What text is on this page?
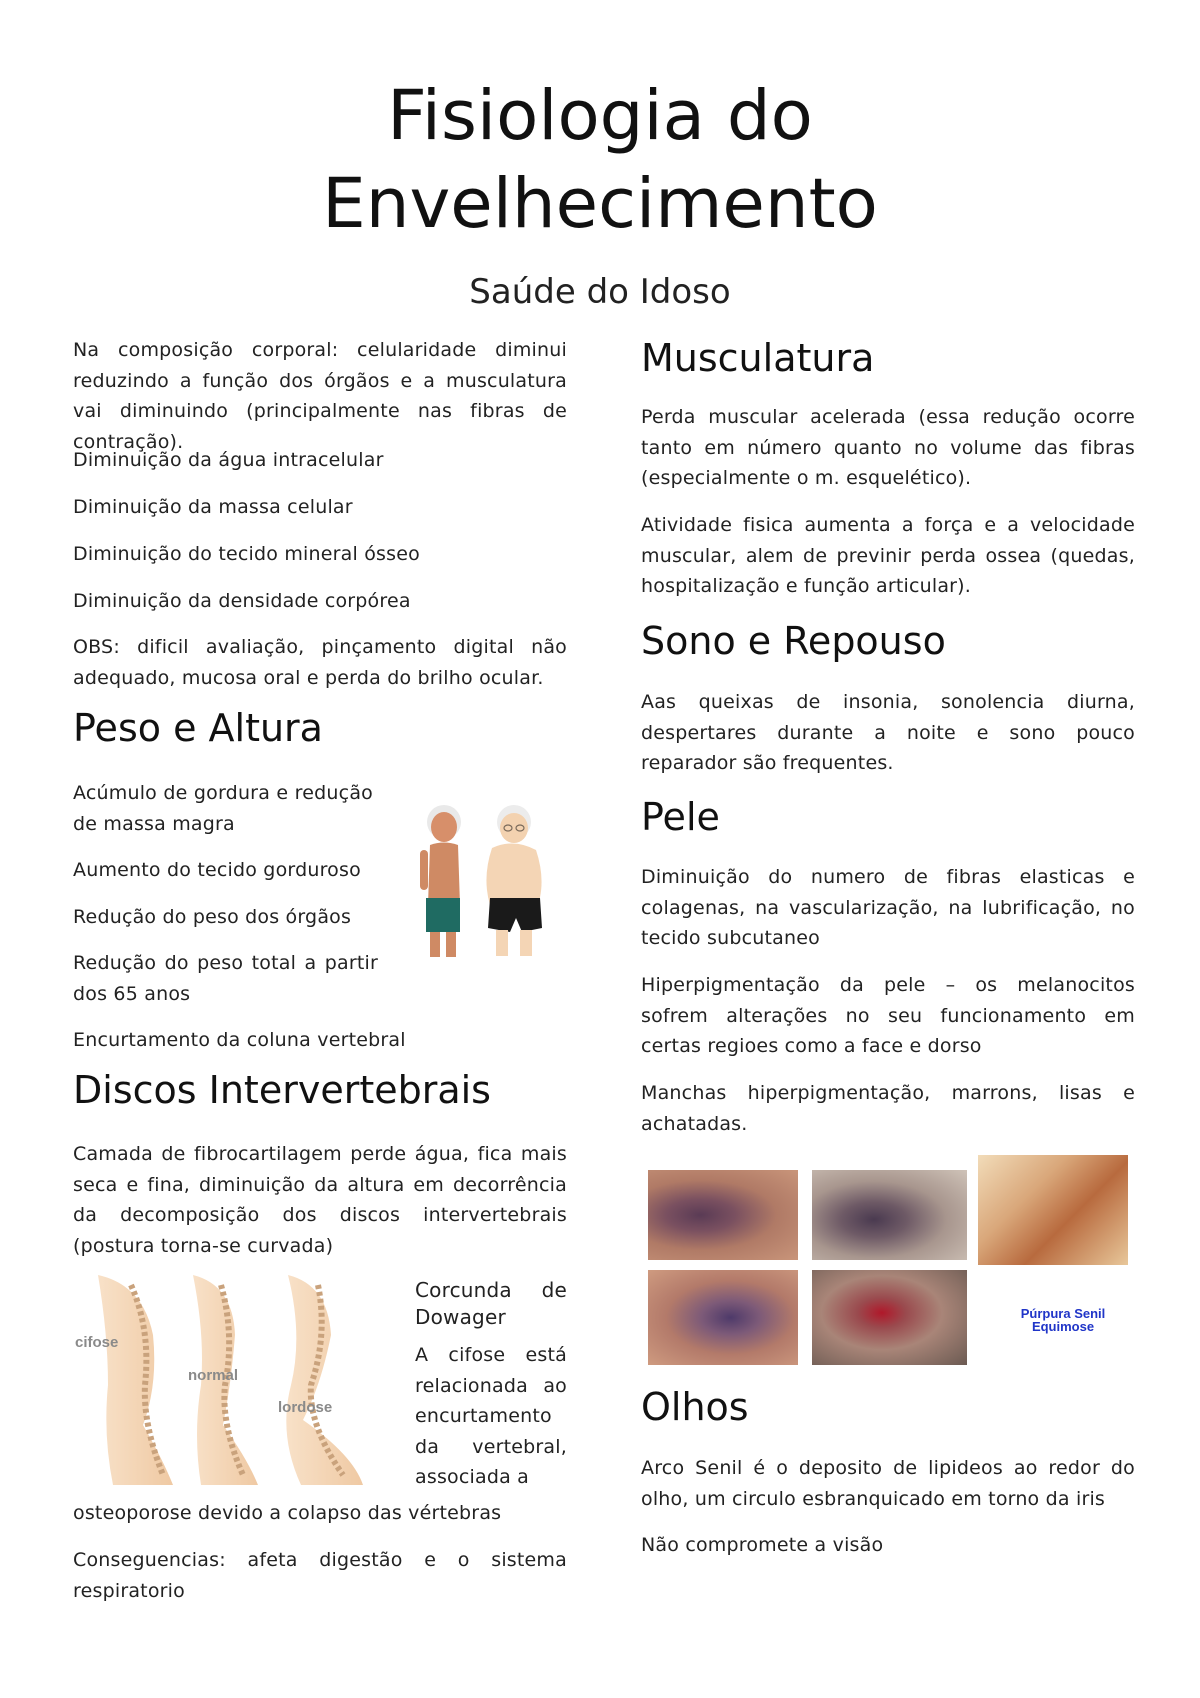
Fisiologia do
Envelhecimento
Saúde do Idoso

Na composição corporal: celularidade diminui reduzindo a função dos órgãos e a musculatura vai diminuindo (principalmente nas fibras de contração).

Diminuição da água intracelular

Diminuição da massa celular

Diminuição do tecido mineral ósseo

Diminuição da densidade corpórea

OBS: dificil avaliação, pinçamento digital não adequado, mucosa oral e perda do brilho ocular.

Peso e Altura

Acúmulo de gordura e redução de massa magra

Aumento do tecido gorduroso

Redução do peso dos órgãos

Redução do peso total a partir dos 65 anos

Encurtamento da coluna vertebral

Discos Intervertebrais

Camada de fibrocartilagem perde água, fica mais seca e fina, diminuição da altura em decorrência da decomposição dos discos intervertebrais (postura torna-se curvada)

cifose
normal
lordose

Corcunda de Dowager

A cifose está relacionada ao encurtamento da vertebral, associada a

osteoporose devido a colapso das vértebras

Conseguencias: afeta digestão e o sistema respiratorio

Musculatura

Perda muscular acelerada (essa redução ocorre tanto em número quanto no volume das fibras (especialmente o m. esquelético).

Atividade fisica aumenta a força e a velocidade muscular, alem de previnir perda ossea (quedas, hospitalização e função articular).

Sono e Repouso

Aas queixas de insonia, sonolencia diurna, despertares durante a noite e sono pouco reparador são frequentes.

Pele

Diminuição do numero de fibras elasticas e colagenas, na vascularização, na lubrificação, no tecido subcutaneo

Hiperpigmentação da pele – os melanocitos sofrem alterações no seu funcionamento em certas regioes como a face e dorso

Manchas hiperpigmentação, marrons, lisas e achatadas.

Púrpura Senil
Equimose
Olhos

Arco Senil é o deposito de lipideos ao redor do olho, um circulo esbranquicado em torno da iris

Não compromete a visão
